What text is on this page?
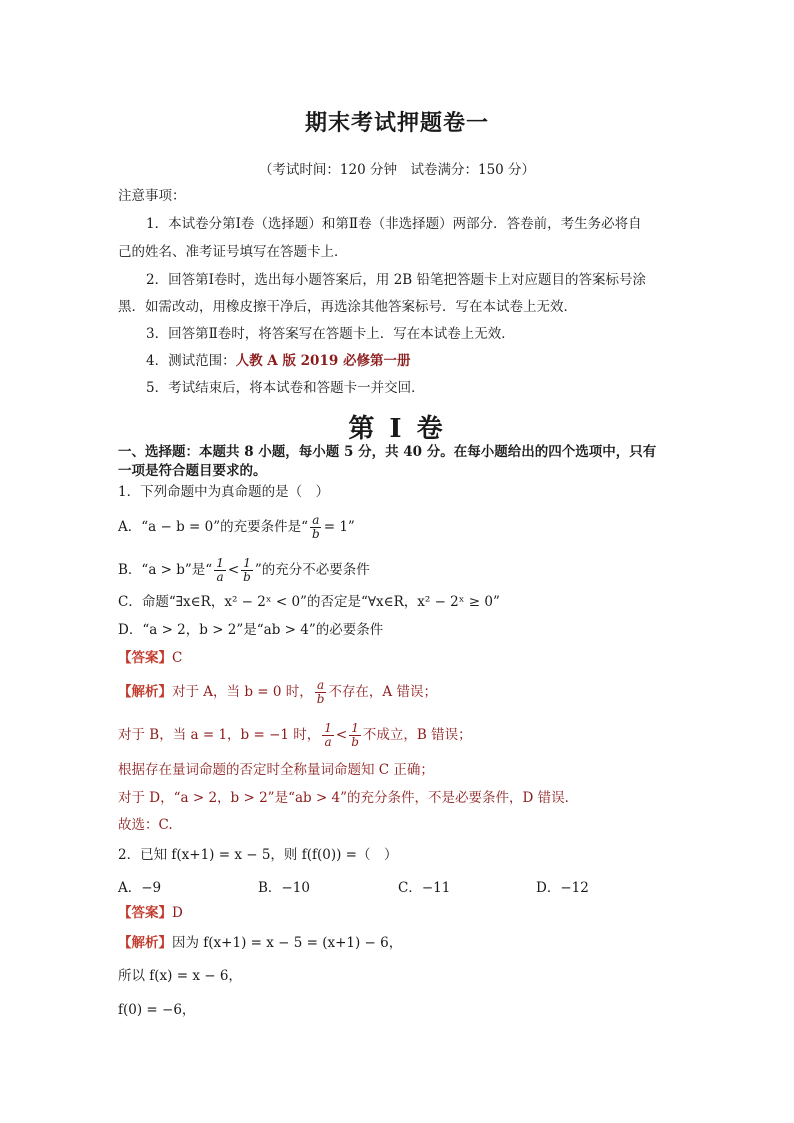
期末考试押题卷一
（考试时间：120 分钟　试卷满分：150 分）
注意事项：
1．本试卷分第Ⅰ卷（选择题）和第Ⅱ卷（非选择题）两部分．答卷前，考生务必将自
己的姓名、准考证号填写在答题卡上．
2．回答第Ⅰ卷时，选出每小题答案后，用 2B 铅笔把答题卡上对应题目的答案标号涂
黑．如需改动，用橡皮擦干净后，再选涂其他答案标号．写在本试卷上无效．
3．回答第Ⅱ卷时，将答案写在答题卡上．写在本试卷上无效．
4．测试范围：人教 A 版 2019 必修第一册
5．考试结束后，将本试卷和答题卡一并交回．
第 I 卷
一、选择题：本题共 8 小题，每小题 5 分，共 40 分。在每小题给出的四个选项中，只有
一项是符合题目要求的。
1．下列命题中为真命题的是（　）
A．“a − b = 0”的充要条件是“ $\frac{a}{b} = 1$”
B．“a > b”是“ $\frac{1}{a} < \frac{1}{b}$ ”的充分不必要条件
C．命题“∃x∈R，x² − 2ˣ < 0”的否定是“∀x∈R，x² − 2ˣ ≥ 0”
D．“a > 2，b > 2”是“ab > 4”的必要条件
【答案】C
【解析】对于 A，当 b = 0 时， $\frac{a}{b}$ 不存在，A 错误；
对于 B，当 a = 1，b = −1 时， $\frac{1}{a} < \frac{1}{b}$ 不成立，B 错误；
根据存在量词命题的否定时全称量词命题知 C 正确；
对于 D，“a > 2，b > 2”是“ab > 4”的充分条件，不是必要条件，D 错误．
故选：C.
2．已知 f(x+1) = x − 5，则 f(f(0)) =（　）
A．−9	B．−10	C．−11	D．−12
【答案】D
【解析】因为 f(x+1) = x − 5 = (x+1) − 6，
所以 f(x) = x − 6，
f(0) = −6，
